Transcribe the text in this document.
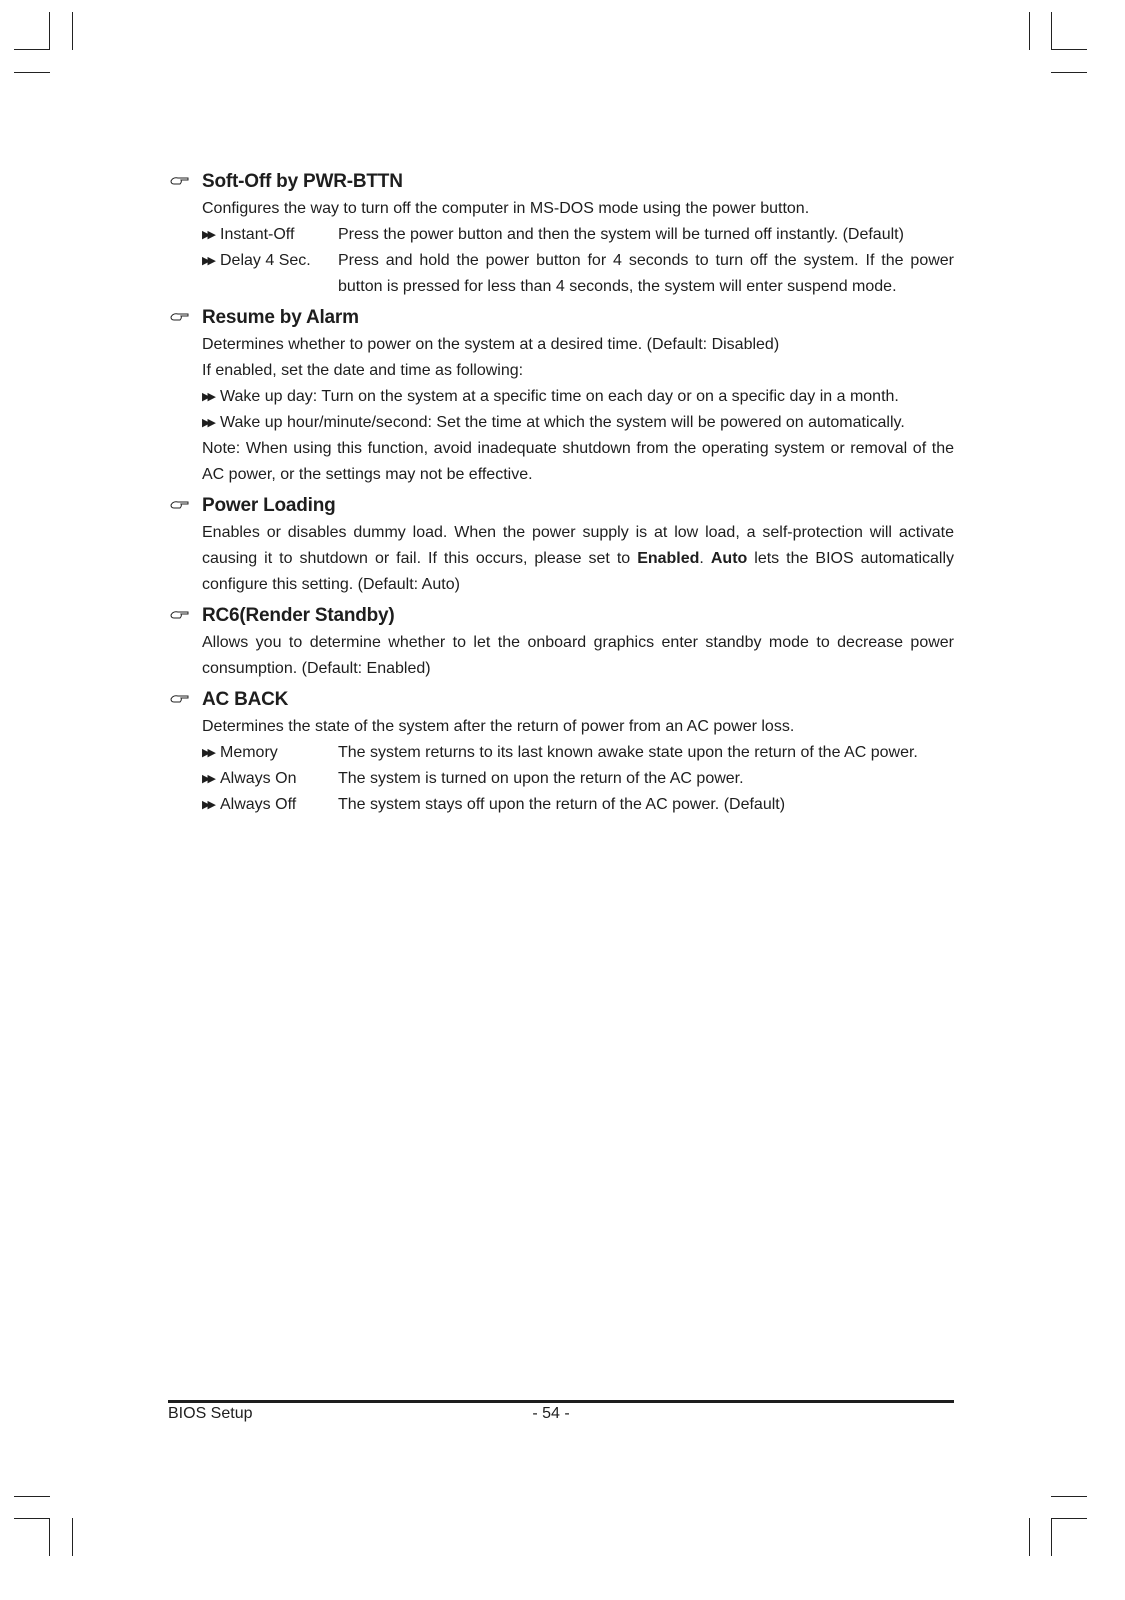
Soft-Off by PWR-BTTN
Configures the way to turn off the computer in MS-DOS mode using the power button.
▶▶ Instant-Off	Press the power button and then the system will be turned off instantly. (Default)
▶▶ Delay 4 Sec.	Press and hold the power button for 4 seconds to turn off the system. If the power button is pressed for less than 4 seconds, the system will enter suspend mode.
Resume by Alarm
Determines whether to power on the system at a desired time. (Default: Disabled)
If enabled, set the date and time as following:
▶▶ Wake up day: Turn on the system at a specific time on each day or on a specific day in a month.
▶▶ Wake up hour/minute/second: Set the time at which the system will be powered on automatically.
Note: When using this function, avoid inadequate shutdown from the operating system or removal of the AC power, or the settings may not be effective.
Power Loading
Enables or disables dummy load. When the power supply is at low load, a self-protection will activate causing it to shutdown or fail. If this occurs, please set to Enabled. Auto lets the BIOS automatically configure this setting. (Default: Auto)
RC6(Render Standby)
Allows you to determine whether to let the onboard graphics enter standby mode to decrease power consumption. (Default: Enabled)
AC BACK
Determines the state of the system after the return of power from an AC power loss.
▶▶ Memory	The system returns to its last known awake state upon the return of the AC power.
▶▶ Always On	The system is turned on upon the return of the AC power.
▶▶ Always Off	The system stays off upon the return of the AC power. (Default)
BIOS Setup	- 54 -
